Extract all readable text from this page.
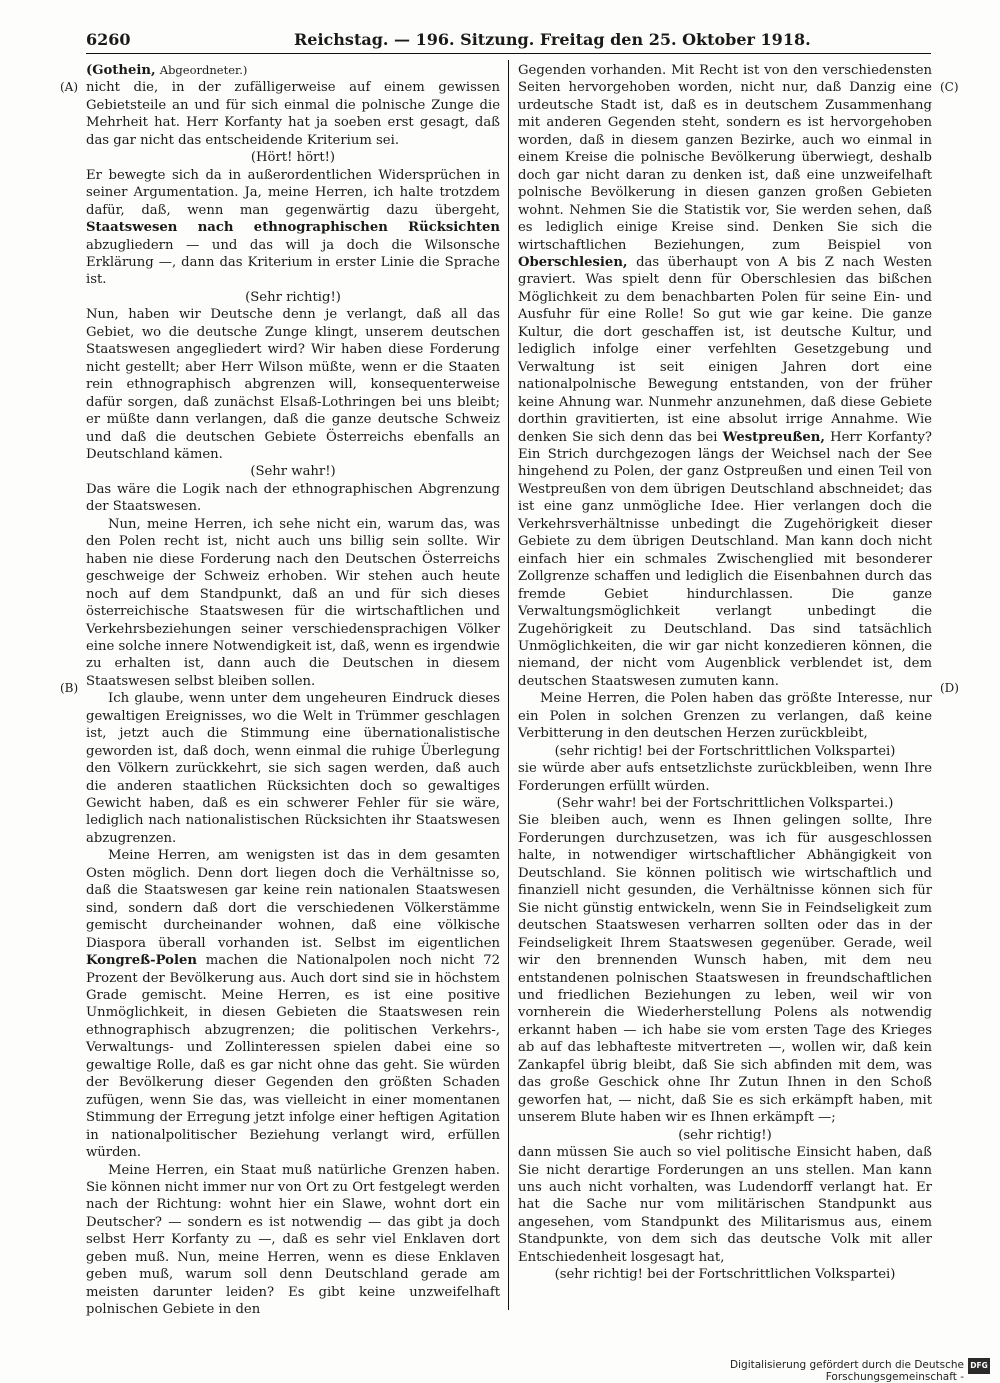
6260	Reichstag. — 196. Sitzung. Freitag den 25. Oktober 1918.
(A)	(C)
(B)	(D)

(Gothein, Abgeordneter.)

nicht die, in der zufälligerweise auf einem gewissen Gebietsteile an und für sich einmal die polnische Zunge die Mehrheit hat. Herr Korfanty hat ja soeben erst gesagt, daß das gar nicht das entscheidende Kriterium sei.

(Hört! hört!)

Er bewegte sich da in außerordentlichen Widersprüchen in seiner Argumentation. Ja, meine Herren, ich halte trotzdem dafür, daß, wenn man gegenwärtig dazu übergeht, Staatswesen nach ethnographischen Rücksichten abzugliedern — und das will ja doch die Wilsonsche Erklärung —, dann das Kriterium in erster Linie die Sprache ist.

(Sehr richtig!)

Nun, haben wir Deutsche denn je verlangt, daß all das Gebiet, wo die deutsche Zunge klingt, unserem deutschen Staatswesen angegliedert wird? Wir haben diese Forderung nicht gestellt; aber Herr Wilson müßte, wenn er die Staaten rein ethnographisch abgrenzen will, konsequenterweise dafür sorgen, daß zunächst Elsaß-Lothringen bei uns bleibt; er müßte dann verlangen, daß die ganze deutsche Schweiz und daß die deutschen Gebiete Österreichs ebenfalls an Deutschland kämen.

(Sehr wahr!)

Das wäre die Logik nach der ethnographischen Abgrenzung der Staatswesen.

Nun, meine Herren, ich sehe nicht ein, warum das, was den Polen recht ist, nicht auch uns billig sein sollte. Wir haben nie diese Forderung nach den Deutschen Österreichs geschweige der Schweiz erhoben. Wir stehen auch heute noch auf dem Standpunkt, daß an und für sich dieses österreichische Staatswesen für die wirtschaftlichen und Verkehrsbeziehungen seiner verschiedensprachigen Völker eine solche innere Notwendigkeit ist, daß, wenn es irgendwie zu erhalten ist, dann auch die Deutschen in diesem Staatswesen selbst bleiben sollen.

Ich glaube, wenn unter dem ungeheuren Eindruck dieses gewaltigen Ereignisses, wo die Welt in Trümmer geschlagen ist, jetzt auch die Stimmung eine übernationalistische geworden ist, daß doch, wenn einmal die ruhige Überlegung den Völkern zurückkehrt, sie sich sagen werden, daß auch die anderen staatlichen Rücksichten doch so gewaltiges Gewicht haben, daß es ein schwerer Fehler für sie wäre, lediglich nach nationalistischen Rücksichten ihr Staatswesen abzugrenzen.

Meine Herren, am wenigsten ist das in dem gesamten Osten möglich. Denn dort liegen doch die Verhältnisse so, daß die Staatswesen gar keine rein nationalen Staatswesen sind, sondern daß dort die verschiedenen Völkerstämme gemischt durcheinander wohnen, daß eine völkische Diaspora überall vorhanden ist. Selbst im eigentlichen Kongreß-Polen machen die Nationalpolen noch nicht 72 Prozent der Bevölkerung aus. Auch dort sind sie in höchstem Grade gemischt. Meine Herren, es ist eine positive Unmöglichkeit, in diesen Gebieten die Staatswesen rein ethnographisch abzugrenzen; die politischen Verkehrs-, Verwaltungs- und Zollinteressen spielen dabei eine so gewaltige Rolle, daß es gar nicht ohne das geht. Sie würden der Bevölkerung dieser Gegenden den größten Schaden zufügen, wenn Sie das, was vielleicht in einer momentanen Stimmung der Erregung jetzt infolge einer heftigen Agitation in nationalpolitischer Beziehung verlangt wird, erfüllen würden.

Meine Herren, ein Staat muß natürliche Grenzen haben. Sie können nicht immer nur von Ort zu Ort festgelegt werden nach der Richtung: wohnt hier ein Slawe, wohnt dort ein Deutscher? — sondern es ist notwendig — das gibt ja doch selbst Herr Korfanty zu —, daß es sehr viel Enklaven dort geben muß. Nun, meine Herren, wenn es diese Enklaven geben muß, warum soll denn Deutschland gerade am meisten darunter leiden? Es gibt keine unzweifelhaft polnischen Gebiete in den

Gegenden vorhanden. Mit Recht ist von den verschiedensten Seiten hervorgehoben worden, nicht nur, daß Danzig eine urdeutsche Stadt ist, daß es in deutschem Zusammenhang mit anderen Gegenden steht, sondern es ist hervorgehoben worden, daß in diesem ganzen Bezirke, auch wo einmal in einem Kreise die polnische Bevölkerung überwiegt, deshalb doch gar nicht daran zu denken ist, daß eine unzweifelhaft polnische Bevölkerung in diesen ganzen großen Gebieten wohnt. Nehmen Sie die Statistik vor, Sie werden sehen, daß es lediglich einige Kreise sind. Denken Sie sich die wirtschaftlichen Beziehungen, zum Beispiel von Oberschlesien, das überhaupt von A bis Z nach Westen graviert. Was spielt denn für Oberschlesien das bißchen Möglichkeit zu dem benachbarten Polen für seine Ein- und Ausfuhr für eine Rolle! So gut wie gar keine. Die ganze Kultur, die dort geschaffen ist, ist deutsche Kultur, und lediglich infolge einer verfehlten Gesetzgebung und Verwaltung ist seit einigen Jahren dort eine nationalpolnische Bewegung entstanden, von der früher keine Ahnung war. Nunmehr anzunehmen, daß diese Gebiete dorthin gravitierten, ist eine absolut irrige Annahme. Wie denken Sie sich denn das bei Westpreußen, Herr Korfanty? Ein Strich durchgezogen längs der Weichsel nach der See hingehend zu Polen, der ganz Ostpreußen und einen Teil von Westpreußen von dem übrigen Deutschland abschneidet; das ist eine ganz unmögliche Idee. Hier verlangen doch die Verkehrsverhältnisse unbedingt die Zugehörigkeit dieser Gebiete zu dem übrigen Deutschland. Man kann doch nicht einfach hier ein schmales Zwischenglied mit besonderer Zollgrenze schaffen und lediglich die Eisenbahnen durch das fremde Gebiet hindurchlassen. Die ganze Verwaltungsmöglichkeit verlangt unbedingt die Zugehörigkeit zu Deutschland. Das sind tatsächlich Unmöglichkeiten, die wir gar nicht konzedieren können, die niemand, der nicht vom Augenblick verblendet ist, dem deutschen Staatswesen zumuten kann.

Meine Herren, die Polen haben das größte Interesse, nur ein Polen in solchen Grenzen zu verlangen, daß keine Verbitterung in den deutschen Herzen zurückbleibt,

(sehr richtig! bei der Fortschrittlichen Volkspartei)

sie würde aber aufs entsetzlichste zurückbleiben, wenn Ihre Forderungen erfüllt würden.

(Sehr wahr! bei der Fortschrittlichen Volkspartei.)

Sie bleiben auch, wenn es Ihnen gelingen sollte, Ihre Forderungen durchzusetzen, was ich für ausgeschlossen halte, in notwendiger wirtschaftlicher Abhängigkeit von Deutschland. Sie können politisch wie wirtschaftlich und finanziell nicht gesunden, die Verhältnisse können sich für Sie nicht günstig entwickeln, wenn Sie in Feindseligkeit zum deutschen Staatswesen verharren sollten oder das in der Feindseligkeit Ihrem Staatswesen gegenüber. Gerade, weil wir den brennenden Wunsch haben, mit dem neu entstandenen polnischen Staatswesen in freundschaftlichen und friedlichen Beziehungen zu leben, weil wir von vornherein die Wiederherstellung Polens als notwendig erkannt haben — ich habe sie vom ersten Tage des Krieges ab auf das lebhafteste mitvertreten —, wollen wir, daß kein Zankapfel übrig bleibt, daß Sie sich abfinden mit dem, was das große Geschick ohne Ihr Zutun Ihnen in den Schoß geworfen hat, — nicht, daß Sie es sich erkämpft haben, mit unserem Blute haben wir es Ihnen erkämpft —;

(sehr richtig!)

dann müssen Sie auch so viel politische Einsicht haben, daß Sie nicht derartige Forderungen an uns stellen. Man kann uns auch nicht vorhalten, was Ludendorff verlangt hat. Er hat die Sache nur vom militärischen Standpunkt aus angesehen, vom Standpunkt des Militarismus aus, einem Standpunkte, von dem sich das deutsche Volk mit aller Entschiedenheit losgesagt hat,

(sehr richtig! bei der Fortschrittlichen Volkspartei)

Digitalisierung gefördert durch die Deutsche Forschungsgemeinschaft -
DFG
